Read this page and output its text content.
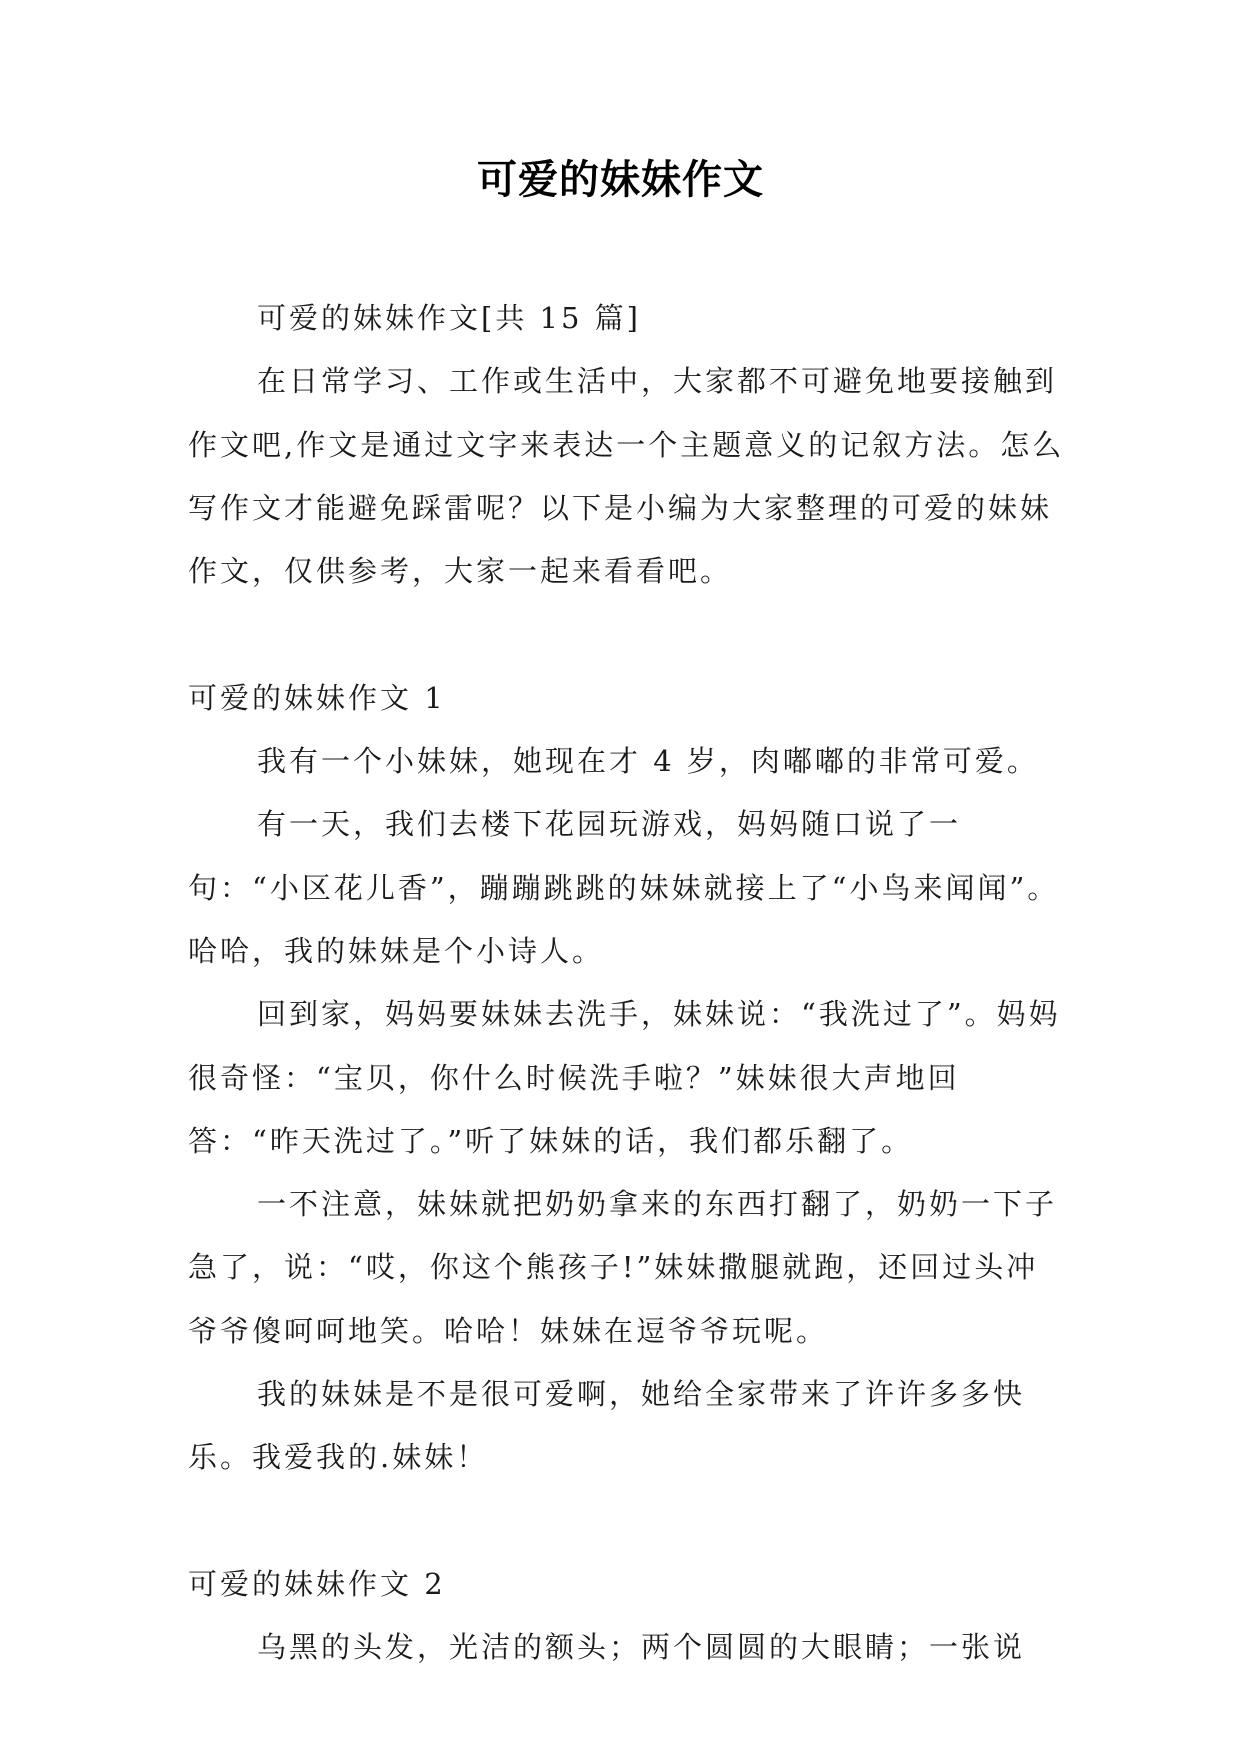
可爱的妹妹作文

可爱的妹妹作文[共 15 篇]

在日常学习、工作或生活中，大家都不可避免地要接触到作文吧,作文是通过文字来表达一个主题意义的记叙方法。怎么写作文才能避免踩雷呢？以下是小编为大家整理的可爱的妹妹作文，仅供参考，大家一起来看看吧。

可爱的妹妹作文 1

我有一个小妹妹，她现在才 4 岁，肉嘟嘟的非常可爱。

有一天，我们去楼下花园玩游戏，妈妈随口说了一句：“小区花儿香”，蹦蹦跳跳的妹妹就接上了“小鸟来闻闻”。哈哈，我的妹妹是个小诗人。

回到家，妈妈要妹妹去洗手，妹妹说：“我洗过了”。妈妈很奇怪：“宝贝，你什么时候洗手啦？”妹妹很大声地回答：“昨天洗过了。”听了妹妹的话，我们都乐翻了。

一不注意，妹妹就把奶奶拿来的东西打翻了，奶奶一下子急了，说：“哎，你这个熊孩子!”妹妹撒腿就跑，还回过头冲爷爷傻呵呵地笑。哈哈！妹妹在逗爷爷玩呢。

我的妹妹是不是很可爱啊，她给全家带来了许许多多快乐。我爱我的.妹妹！

可爱的妹妹作文 2

乌黑的头发，光洁的额头；两个圆圆的大眼睛；一张说
